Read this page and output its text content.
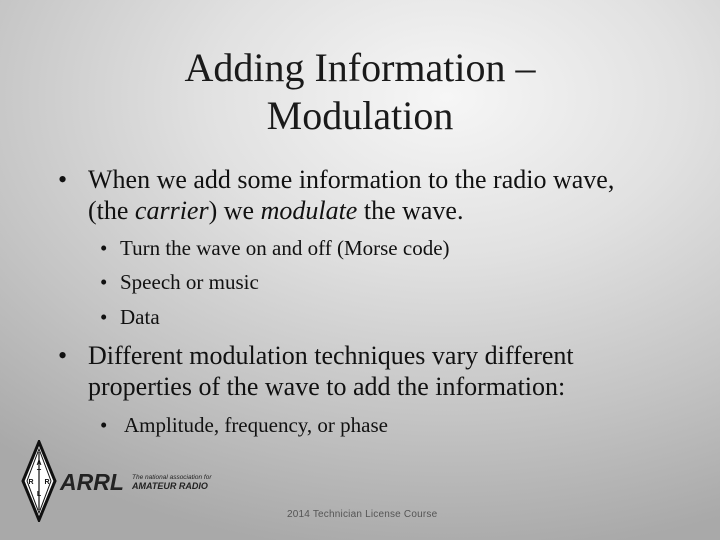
Adding Information –
Modulation
• When we add some information to the radio wave,
(the carrier) we modulate the wave.
• Turn the wave on and off (Morse code)
• Speech or music
• Data
• Different modulation techniques vary different
properties of the wave to add the information:
• Amplitude, frequency, or phase
A
T
R R
L ARRL The national association for
AMATEUR RADIO
2014 Technician License Course
